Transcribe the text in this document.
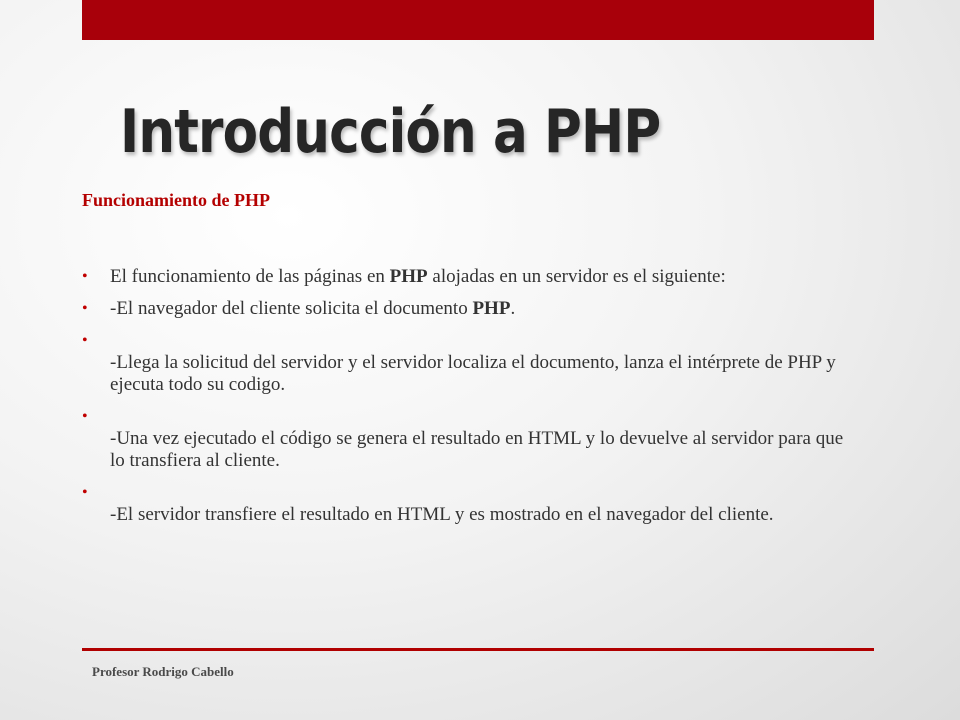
Introducción a PHP
Funcionamiento de PHP
• El funcionamiento de las páginas en PHP alojadas en un servidor es el siguiente:
• -El navegador del cliente solicita el documento PHP.
•
-Llega la solicitud del servidor y el servidor localiza el documento, lanza el intérprete de PHP y ejecuta todo su codigo.
•
-Una vez ejecutado el código se genera el resultado en HTML y lo devuelve al servidor para que lo transfiera al cliente.
•
-El servidor transfiere el resultado en HTML y es mostrado en el navegador del cliente.
Profesor Rodrigo Cabello
